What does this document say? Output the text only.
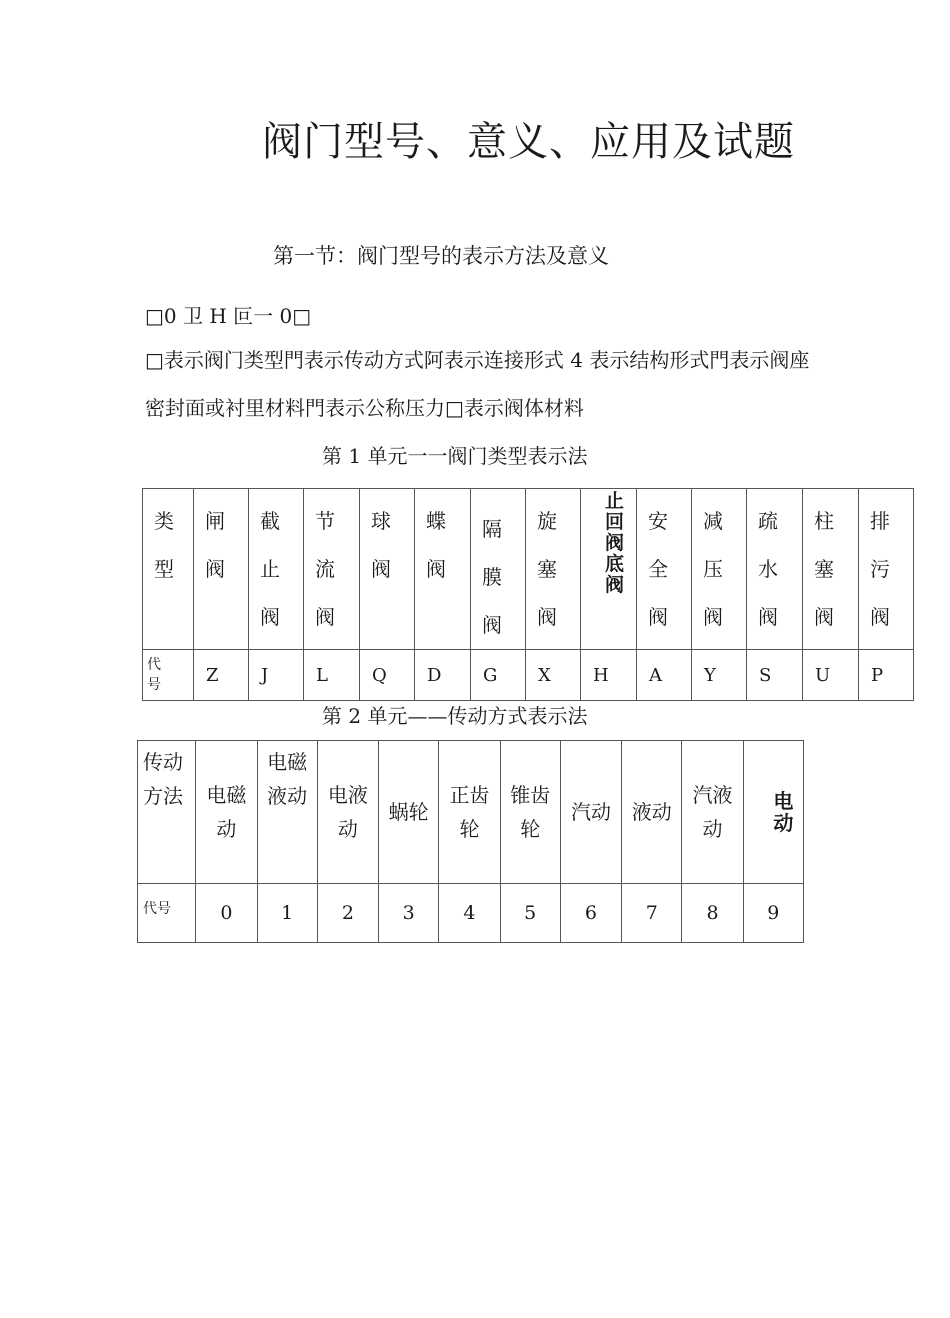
阀门型号、意义、应用及试题
第一节：阀门型号的表示方法及意义
□0 卫 H 叵一 0□
□表示阀门类型門表示传动方式阿表示连接形式 4 表示结构形式門表示阀座
密封面或衬里材料門表示公称压力□表示阀体材料
第 1 单元一一阀门类型表示法
类型	闸阀	截止阀	节流阀	球阀	蝶阀	隔膜阀	旋塞阀	止回阀底阀	安全阀	减压阀	疏水阀	柱塞阀	排污阀

代号	Z	J	L	Q	D	G	X	H	A	Y	S	U	P
第 2 单元——传动方式表示法
传动方法	电磁动	电磁液动	电液动	蜗轮	正齿轮	锥齿轮	汽动	液动	汽液动	电动

代号	0	1	2	3	4	5	6	7	8	9
